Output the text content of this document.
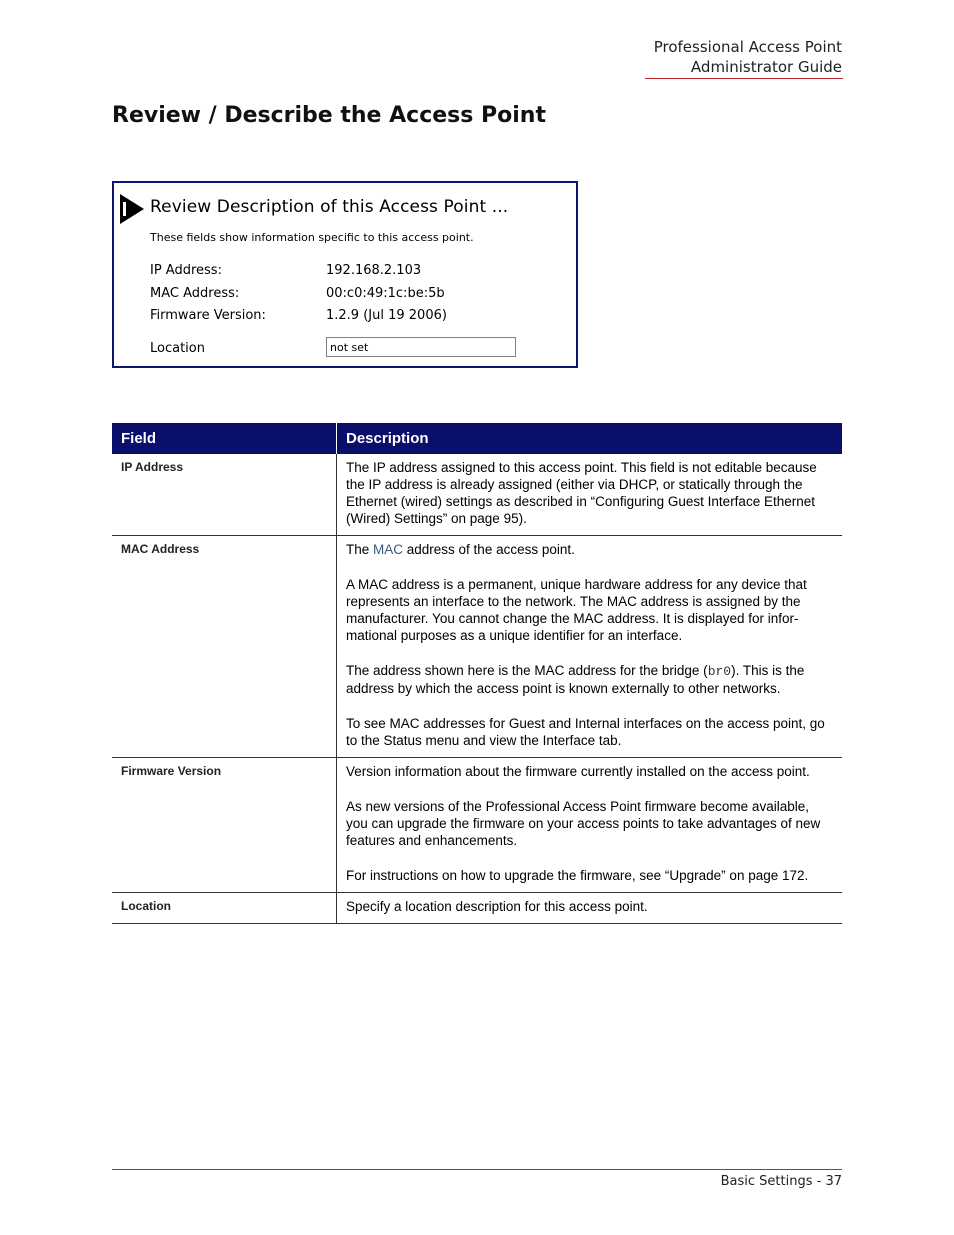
Professional Access Point
Administrator Guide
Review / Describe the Access Point
Review Description of this Access Point ...
These fields show information specific to this access point.
IP Address:	192.168.2.103
MAC Address:	00:c0:49:1c:be:5b
Firmware Version:	1.2.9 (Jul 19 2006)
Location
not set
Field	Description
IP Address	The IP address assigned to this access point. This field is not editable because the IP address is already assigned (either via DHCP, or statically through the Ethernet (wired) settings as described in “Configuring Guest Interface Ethernet (Wired) Settings” on page 95).

MAC Address	The MAC address of the access point.

A MAC address is a permanent, unique hardware address for any device that represents an interface to the network. The MAC address is assigned by the manufacturer. You cannot change the MAC address. It is displayed for infor-mational purposes as a unique identifier for an interface.

The address shown here is the MAC address for the bridge (br0). This is the address by which the access point is known externally to other networks.

To see MAC addresses for Guest and Internal interfaces on the access point, go to the Status menu and view the Interface tab.

Firmware Version	Version information about the firmware currently installed on the access point.

As new versions of the Professional Access Point firmware become available, you can upgrade the firmware on your access points to take advantages of new features and enhancements.

For instructions on how to upgrade the firmware, see “Upgrade” on page 172.

Location	Specify a location description for this access point.

Basic Settings - 37
